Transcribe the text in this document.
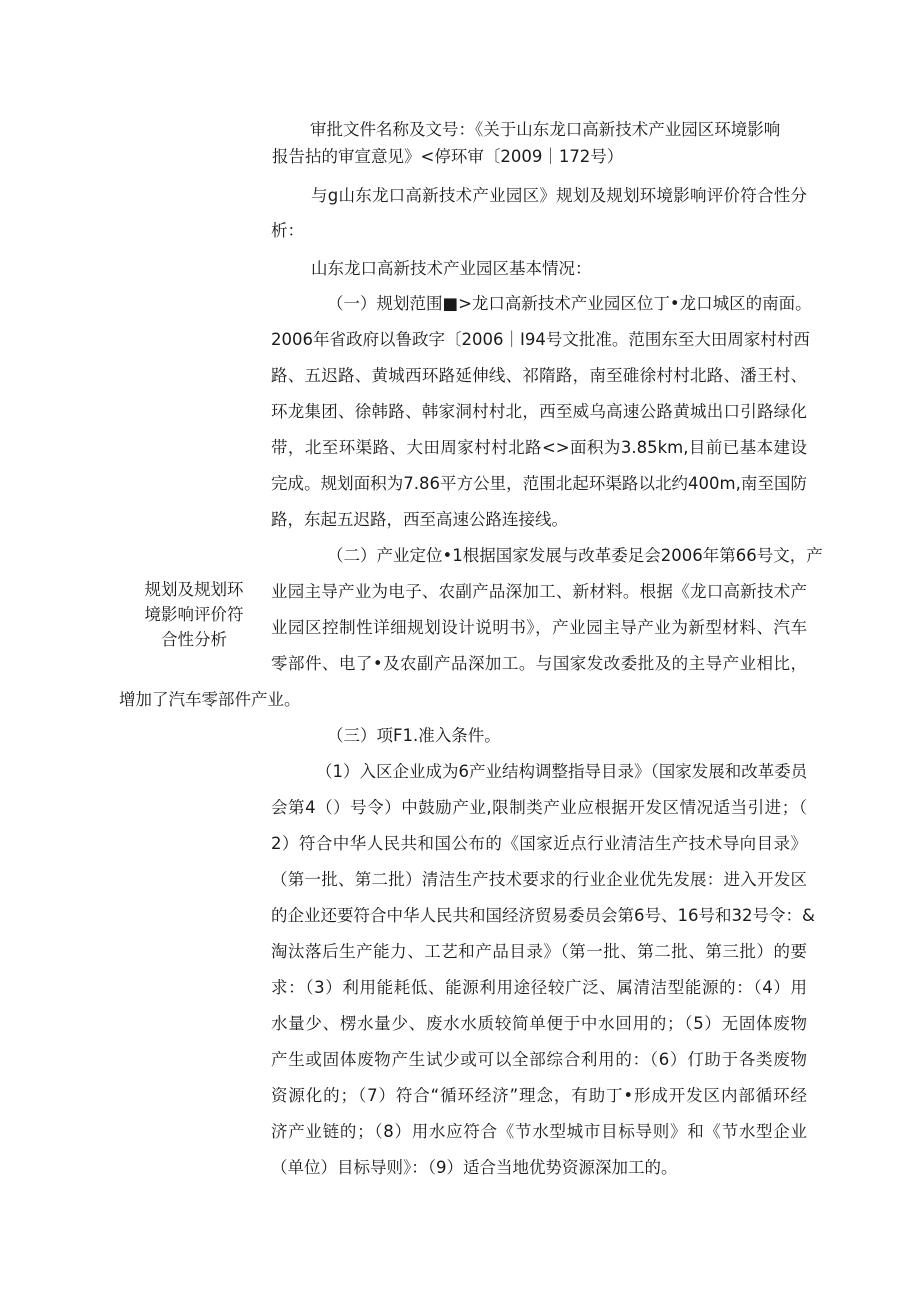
审批文件名称及文号：《关于山东龙口高新技术产业园区环境影响
报告拈的审宣意见》<停环审〔2009｜172号）
与g山东龙口高新技术产业园区》规划及规划环境影响评价符合性分
析：
山东龙口高新技术产业园区基本情况：
规划及规划环
境影响评价符
合性分析
（一）规划范围■>龙口高新技术产业园区位丁•龙口城区的南面。
2006年省政府以鲁政字〔2006｜I94号文批准。范围东至大田周家村村西
路、五迟路、黄城西环路延伸线、祁隋路，南至碓徐村村北路、潘王村、
环龙集团、徐韩路、韩家洞村村北，西至威乌高速公路黄城出口引路绿化
带，北至环渠路、大田周家村村北路<>面积为3.85km,目前已基本建设
完成。规划面积为7.86平方公里，范围北起环渠路以北约400m,南至国防
路，东起五迟路，西至高速公路连接线。
（二）产业定位•1根据国家发展与改革委足会2006年第66号文，产
业园主导产业为电子、农副产品深加工、新材料。根据《龙口高新技术产
业园区控制性详细规划设计说明书》，产业园主导产业为新型材料、汽车
零部件、电了•及农副产品深加工。与国家发改委批及的主导产业相比，
增加了汽车零部件产业。
（三）项F1.准入条件。
（1）入区企业成为6产业结构调整指导目录》（国家发展和改革委员
会第4（）号令）中鼓励产业,限制类产业应根据开发区情况适当引进；（
2）符合中华人民共和国公布的《国家近点行业清洁生产技术导向目录》
（第一批、第二批）清洁生产技术要求的行业企业优先发展：进入开发区
的企业还要符合中华人民共和国经济贸易委员会第6号、16号和32号令：&
淘汰落后生产能力、工艺和产品目录》（第一批、第二批、第三批）的要
求：（3）利用能耗低、能源利用途径较广泛、属清洁型能源的：（4）用
水量少、楞水量少、废水水质较简单便于中水回用的；（5）无固体废物
产生或固体废物产生试少或可以全部综合利用的：（6）仃助于各类废物
资源化的；（7）符合“循环经济”理念，有助丁•形成开发区内部循环经
济产业链的；（8）用水应符合《节水型城市目标导则》和《节水型企业
（单位）目标导则》：（9）适合当地优势资源深加工的。
